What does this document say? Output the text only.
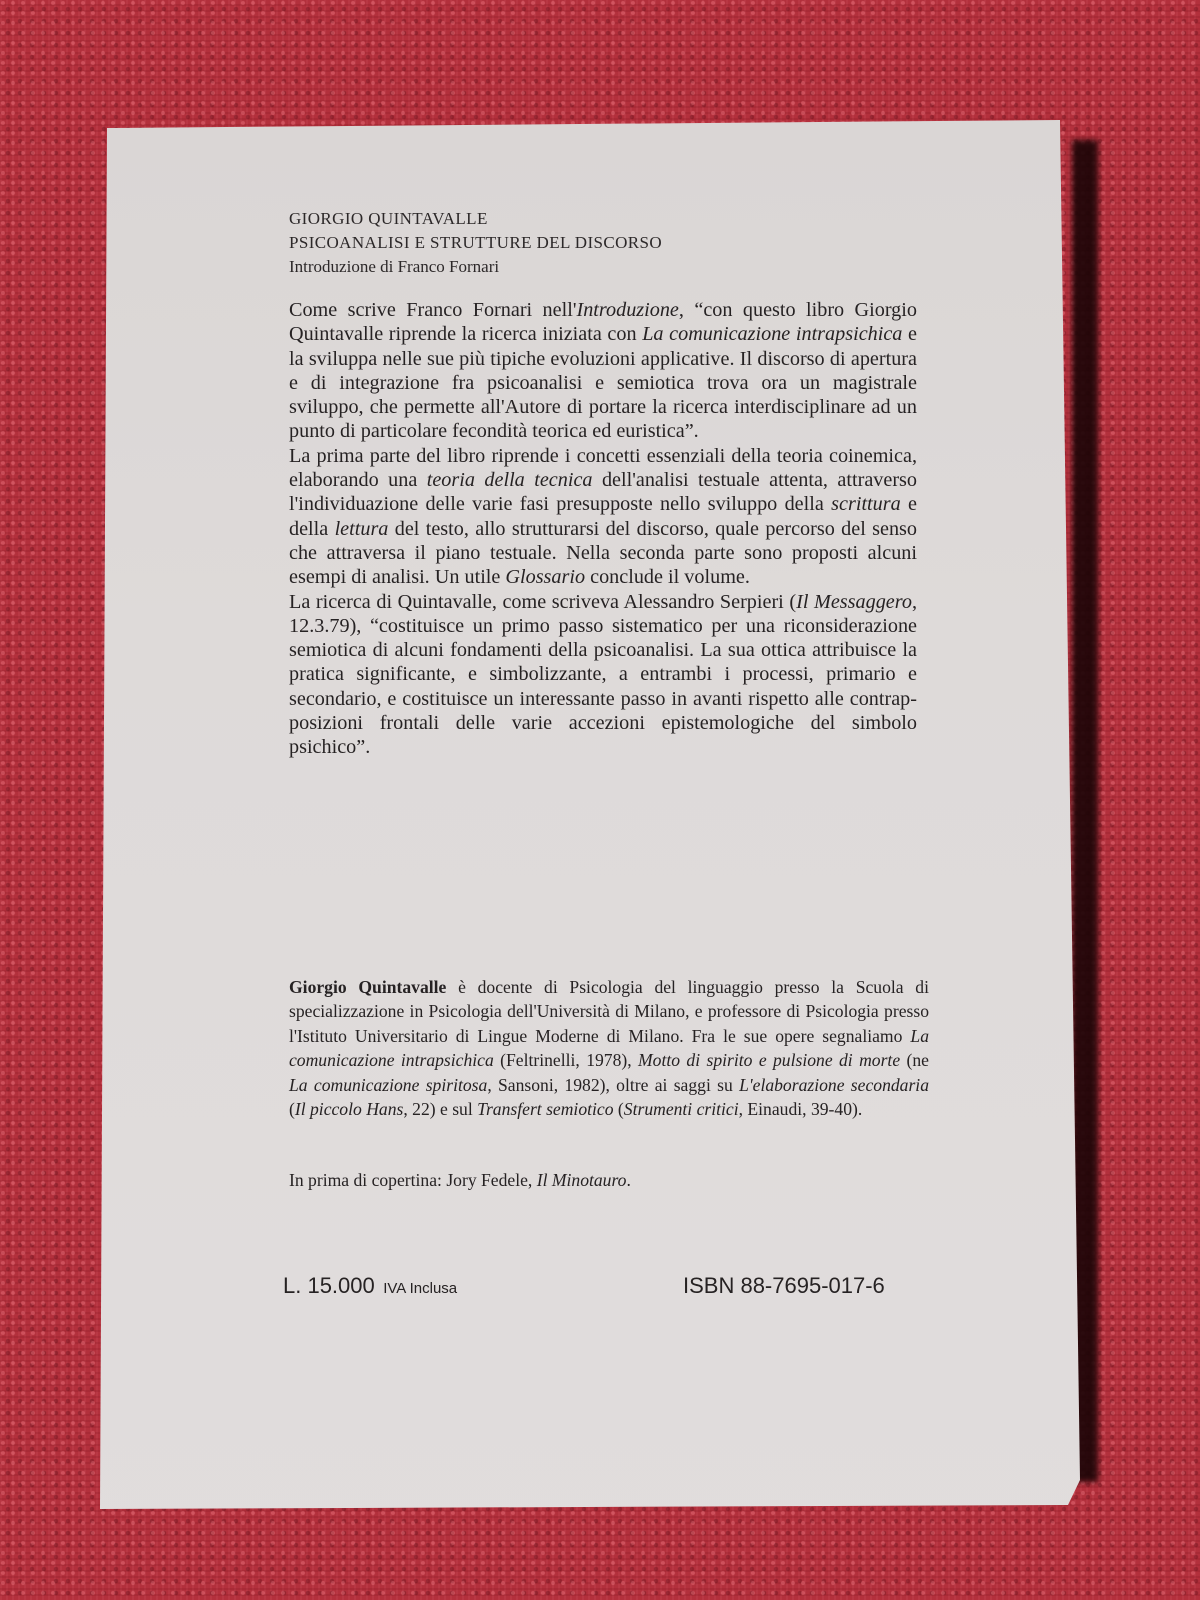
GIORGIO QUINTAVALLE
PSICOANALISI E STRUTTURE DEL DISCORSO
Introduzione di Franco Fornari

Come scrive Franco Fornari nell'Introduzione, “con questo libro Giorgio Quintavalle riprende la ricerca iniziata con La comunicazione intrapsichica e la sviluppa nelle sue più tipiche evoluzioni applicative. Il discorso di apertura e di integrazione fra psicoanalisi e semiotica trova ora un magistrale sviluppo, che permette all'Autore di portare la ricerca interdisciplinare ad un punto di particolare fecondità teorica ed euristica”.

La prima parte del libro riprende i concetti essenziali della teoria coinemica, elaborando una teoria della tecnica dell'analisi testuale attenta, attraverso l'individuazione delle varie fasi presupposte nello sviluppo della scrittura e della lettura del testo, allo strutturarsi del discorso, quale percorso del senso che attraversa il piano testuale. Nella seconda parte sono proposti alcuni esempi di analisi. Un utile Glossario conclude il volume.

La ricerca di Quintavalle, come scriveva Alessandro Serpieri (Il Messaggero, 12.3.79), “costituisce un primo passo sistematico per una riconsiderazione semiotica di alcuni fondamenti della psicoanalisi. La sua ottica attribuisce la pratica significante, e simbolizzante, a entrambi i processi, primario e secondario, e costituisce un interessante passo in avanti rispetto alle contrap-posizioni frontali delle varie accezioni epistemologiche del simbolo psichico”.

Giorgio Quintavalle è docente di Psicologia del linguaggio presso la Scuola di specializzazione in Psicologia dell'Università di Milano, e professore di Psicologia presso l'Istituto Universitario di Lingue Moderne di Milano. Fra le sue opere segnaliamo La comunicazione intrapsichica (Feltrinelli, 1978), Motto di spirito e pulsione di morte (ne La comunicazione spiritosa, Sansoni, 1982), oltre ai saggi su L'elaborazione secondaria (Il piccolo Hans, 22) e sul Transfert semiotico (Strumenti critici, Einaudi, 39-40).

In prima di copertina: Jory Fedele, Il Minotauro.
L. 15.000 IVA Inclusa	ISBN 88-7695-017-6
